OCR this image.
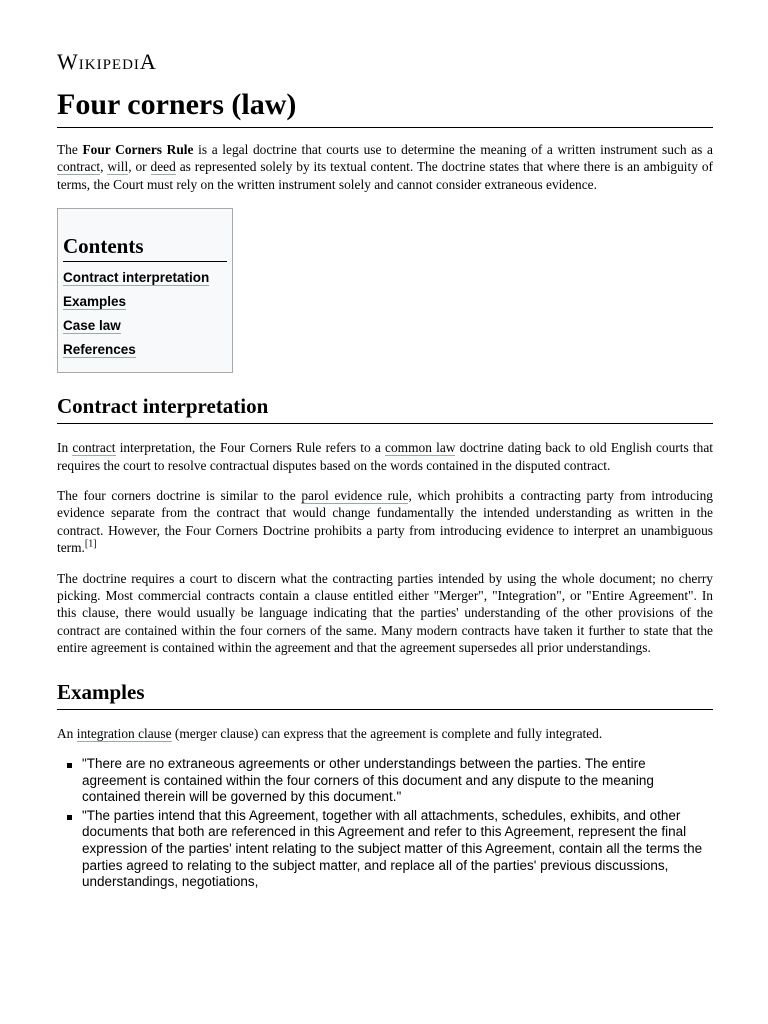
WikipediA
Four corners (law)

The Four Corners Rule is a legal doctrine that courts use to determine the meaning of a written instrument such as a contract, will, or deed as represented solely by its textual content. The doctrine states that where there is an ambiguity of terms, the Court must rely on the written instrument solely and cannot consider extraneous evidence.

Contents
Contract interpretation
Examples
Case law
References
Contract interpretation

In contract interpretation, the Four Corners Rule refers to a common law doctrine dating back to old English courts that requires the court to resolve contractual disputes based on the words contained in the disputed contract.

The four corners doctrine is similar to the parol evidence rule, which prohibits a contracting party from introducing evidence separate from the contract that would change fundamentally the intended understanding as written in the contract. However, the Four Corners Doctrine prohibits a party from introducing evidence to interpret an unambiguous term.[1]

The doctrine requires a court to discern what the contracting parties intended by using the whole document; no cherry picking. Most commercial contracts contain a clause entitled either "Merger", "Integration", or "Entire Agreement". In this clause, there would usually be language indicating that the parties' understanding of the other provisions of the contract are contained within the four corners of the same. Many modern contracts have taken it further to state that the entire agreement is contained within the agreement and that the agreement supersedes all prior understandings.

Examples

An integration clause (merger clause) can express that the agreement is complete and fully integrated.

"There are no extraneous agreements or other understandings between the parties. The entire agreement is contained within the four corners of this document and any dispute to the meaning contained therein will be governed by this document."
"The parties intend that this Agreement, together with all attachments, schedules, exhibits, and other documents that both are referenced in this Agreement and refer to this Agreement, represent the final expression of the parties' intent relating to the subject matter of this Agreement, contain all the terms the parties agreed to relating to the subject matter, and replace all of the parties' previous discussions, understandings, negotiations,
